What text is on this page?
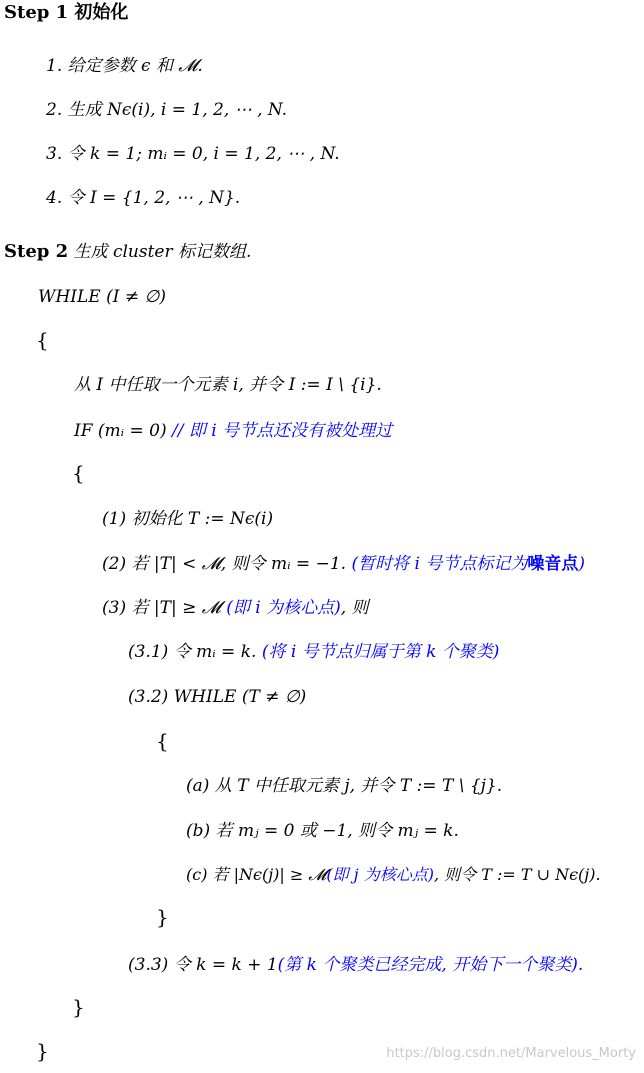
Step 1 初始化
1. 给定参数 ϵ 和 𝓜.
2. 生成 Nϵ(i), i = 1, 2, ⋯ , N.
3. 令 k = 1; mᵢ = 0, i = 1, 2, ⋯ , N.
4. 令 I = {1, 2, ⋯ , N}.
Step 2 生成 cluster 标记数组.
WHILE (I ≠ ∅)
{
从 I 中任取一个元素 i, 并令 I := I \ {i}.
IF (mᵢ = 0) // 即 i 号节点还没有被处理过
{
(1) 初始化 T := Nϵ(i)
(2) 若 |T| < 𝓜, 则令 mᵢ = −1. (暂时将 i 号节点标记为噪音点)
(3) 若 |T| ≥ 𝓜 (即 i 为核心点), 则
(3.1) 令 mᵢ = k. (将 i 号节点归属于第 k 个聚类)
(3.2) WHILE (T ≠ ∅)
{
(a) 从 T 中任取元素 j, 并令 T := T \ {j}.
(b) 若 mⱼ = 0 或 −1, 则令 mⱼ = k.
(c) 若 |Nϵ(j)| ≥ 𝓜(即 j 为核心点), 则令 T := T ∪ Nϵ(j).
}
(3.3) 令 k = k + 1(第 k 个聚类已经完成, 开始下一个聚类).
}
}	https://blog.csdn.net/Marvelous_Morty
